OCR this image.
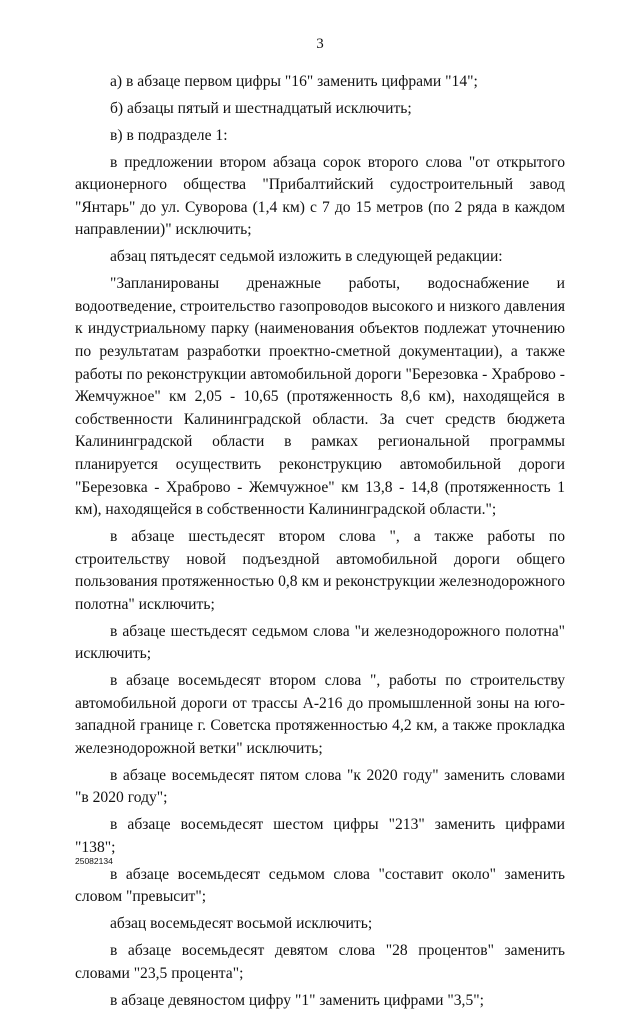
3

а) в абзаце первом цифры "16" заменить цифрами "14";

б) абзацы пятый и шестнадцатый исключить;

в) в подразделе 1:

в предложении втором абзаца сорок второго слова "от открытого акционерного общества "Прибалтийский судостроительный завод "Янтарь" до ул. Суворова (1,4 км) с 7 до 15 метров (по 2 ряда в каждом направлении)" исключить;

абзац пятьдесят седьмой изложить в следующей редакции:

"Запланированы дренажные работы, водоснабжение и водоотведение, строительство газопроводов высокого и низкого давления к индустриальному парку (наименования объектов подлежат уточнению по результатам разработки проектно-сметной документации), а также работы по реконструкции автомобильной дороги "Березовка - Храброво - Жемчужное" км 2,05 - 10,65 (протяженность 8,6 км), находящейся в собственности Калининградской области. За счет средств бюджета Калининградской области в рамках региональной программы планируется осуществить реконструкцию автомобильной дороги "Березовка - Храброво - Жемчужное" км 13,8 - 14,8 (протяженность 1 км), находящейся в собственности Калининградской области.";

в абзаце шестьдесят втором слова ", а также работы по строительству новой подъездной автомобильной дороги общего пользования протяженностью 0,8 км и реконструкции железнодорожного полотна" исключить;

в абзаце шестьдесят седьмом слова "и железнодорожного полотна" исключить;

в абзаце восемьдесят втором слова ", работы по строительству автомобильной дороги от трассы А-216 до промышленной зоны на юго-западной границе г. Советска протяженностью 4,2 км, а также прокладка железнодорожной ветки" исключить;

в абзаце восемьдесят пятом слова "к 2020 году" заменить словами "в 2020 году";

в абзаце восемьдесят шестом цифры "213" заменить цифрами "138";

в абзаце восемьдесят седьмом слова "составит около" заменить словом "превысит";

абзац восемьдесят восьмой исключить;

в абзаце восемьдесят девятом слова "28 процентов" заменить словами "23,5 процента";

в абзаце девяностом цифру "1" заменить цифрами "3,5";

25082134
